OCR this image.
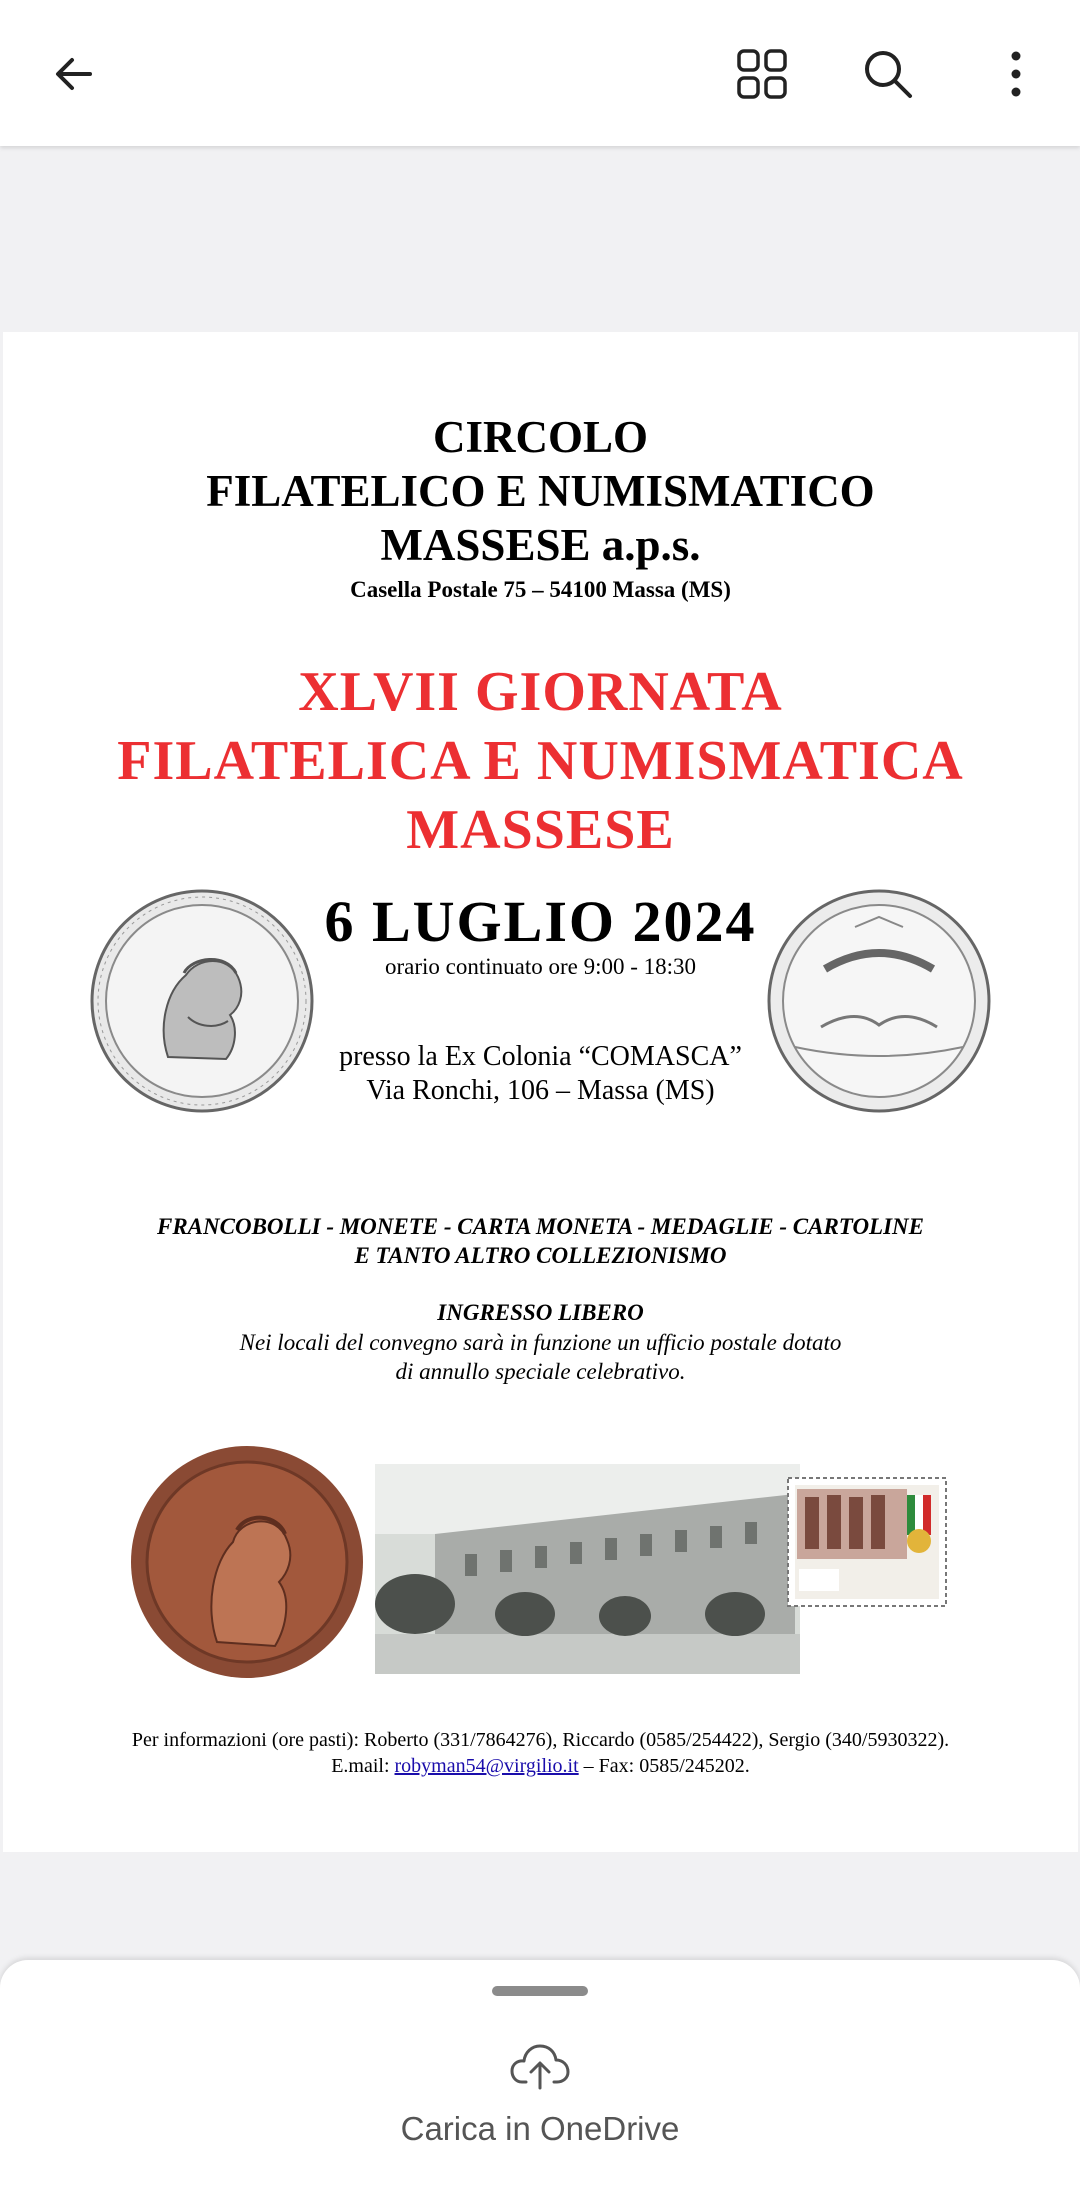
CIRCOLO
FILATELICO E NUMISMATICO
MASSESE a.p.s.
Casella Postale 75 – 54100 Massa (MS)
XLVII GIORNATA
FILATELICA E NUMISMATICA
MASSESE
6 LUGLIO 2024
orario continuato ore 9:00 - 18:30
presso la Ex Colonia “COMASCA”
Via Ronchi, 106 – Massa (MS)
FRANCOBOLLI - MONETE - CARTA MONETA - MEDAGLIE - CARTOLINE
E TANTO ALTRO COLLEZIONISMO
INGRESSO LIBERO
Nei locali del convegno sarà in funzione un ufficio postale dotato
di annullo speciale celebrativo.
Per informazioni (ore pasti): Roberto (331/7864276), Riccardo (0585/254422), Sergio (340/5930322).
E.mail: robyman54@virgilio.it – Fax: 0585/245202.
Carica in OneDrive
